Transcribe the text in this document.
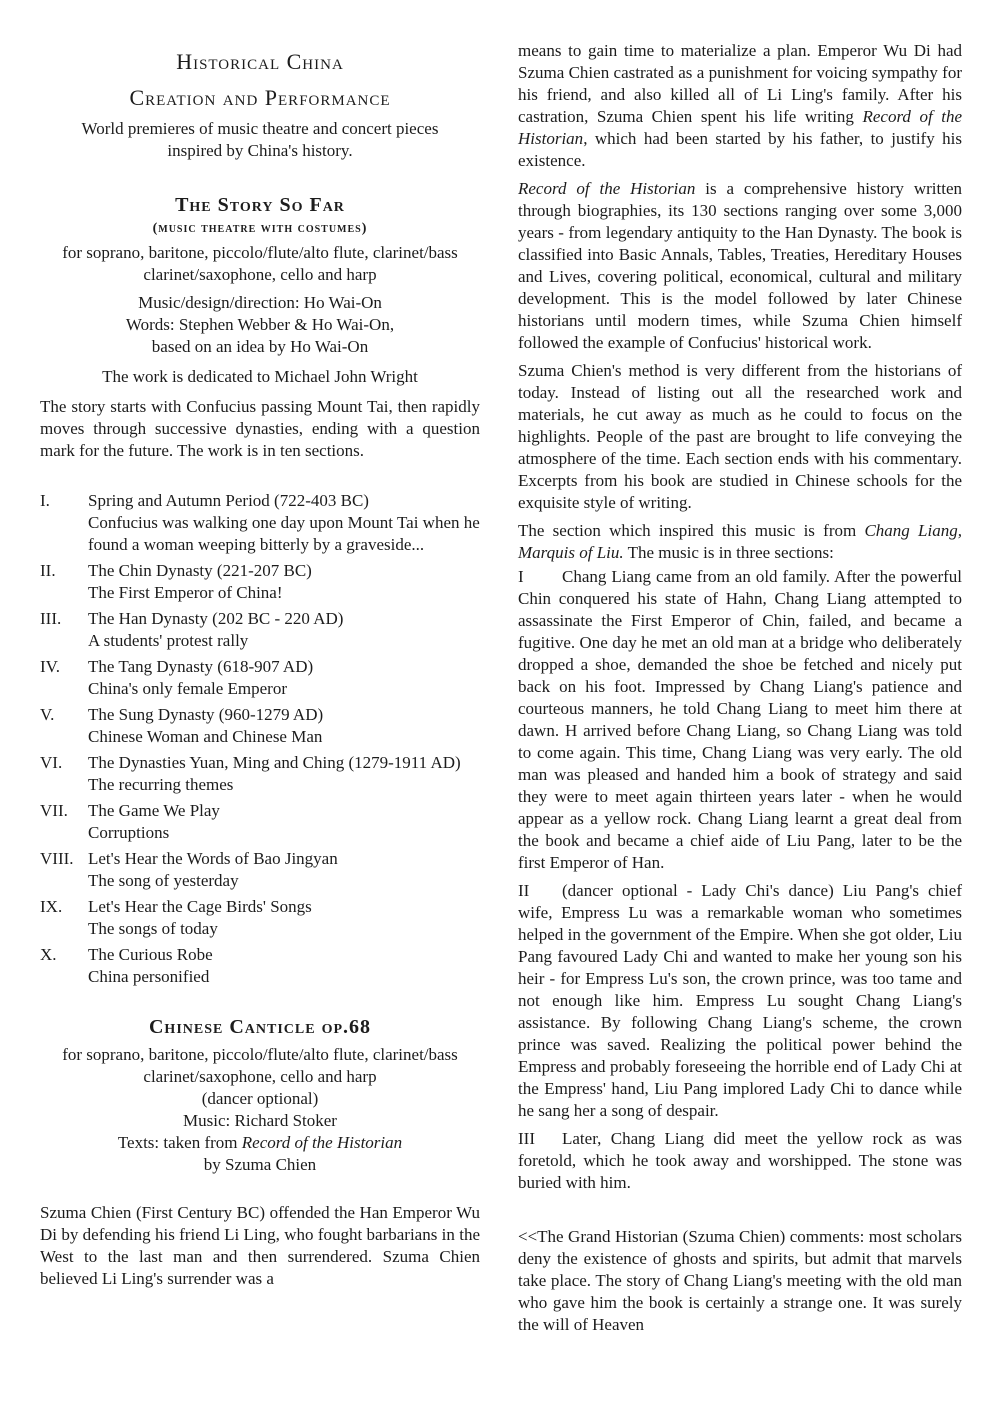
Historical China
Creation and Performance

World premieres of music theatre and concert pieces inspired by China's history.

The Story So Far
(music theatre with costumes)

for soprano, baritone, piccolo/flute/alto flute, clarinet/bass clarinet/saxophone, cello and harp

Music/design/direction: Ho Wai-On

Words: Stephen Webber & Ho Wai-On,

based on an idea by Ho Wai-On

The work is dedicated to Michael John Wright

The story starts with Confucius passing Mount Tai, then rapidly moves through successive dynasties, ending with a question mark for the future. The work is in ten sections.

I.	Spring and Autumn Period (722-403 BC)
Confucius was walking one day upon Mount Tai when he found a woman weeping bitterly by a graveside...
II.	The Chin Dynasty (221-207 BC)
The First Emperor of China!
III.	The Han Dynasty (202 BC - 220 AD)
A students' protest rally
IV.	The Tang Dynasty (618-907 AD)
China's only female Emperor
V.	The Sung Dynasty (960-1279 AD)
Chinese Woman and Chinese Man
VI.	The Dynasties Yuan, Ming and Ching (1279-1911 AD)
The recurring themes
VII.	The Game We Play
Corruptions
VIII. Let's Hear the Words of Bao Jingyan
The song of yesterday
IX.	Let's Hear the Cage Birds' Songs
The songs of today
X.	The Curious Robe
China personified
Chinese Canticle op.68

for soprano, baritone, piccolo/flute/alto flute, clarinet/bass clarinet/saxophone, cello and harp

(dancer optional)

Music: Richard Stoker

Texts: taken from Record of the Historian

by Szuma Chien

Szuma Chien (First Century BC) offended the Han Emperor Wu Di by defending his friend Li Ling, who fought barbarians in the West to the last man and then surrendered. Szuma Chien believed Li Ling's surrender was a

means to gain time to materialize a plan. Emperor Wu Di had Szuma Chien castrated as a punishment for voicing sympathy for his friend, and also killed all of Li Ling's family. After his castration, Szuma Chien spent his life writing Record of the Historian, which had been started by his father, to justify his existence.

Record of the Historian is a comprehensive history written through biographies, its 130 sections ranging over some 3,000 years - from legendary antiquity to the Han Dynasty. The book is classified into Basic Annals, Tables, Treaties, Hereditary Houses and Lives, covering political, economical, cultural and military development. This is the model followed by later Chinese historians until modern times, while Szuma Chien himself followed the example of Confucius' historical work.

Szuma Chien's method is very different from the historians of today. Instead of listing out all the researched work and materials, he cut away as much as he could to focus on the highlights. People of the past are brought to life conveying the atmosphere of the time. Each section ends with his commentary. Excerpts from his book are studied in Chinese schools for the exquisite style of writing.

The section which inspired this music is from Chang Liang, Marquis of Liu. The music is in three sections:

I Chang Liang came from an old family. After the powerful Chin conquered his state of Hahn, Chang Liang attempted to assassinate the First Emperor of Chin, failed, and became a fugitive. One day he met an old man at a bridge who deliberately dropped a shoe, demanded the shoe be fetched and nicely put back on his foot. Impressed by Chang Liang's patience and courteous manners, he told Chang Liang to meet him there at dawn. H arrived before Chang Liang, so Chang Liang was told to come again. This time, Chang Liang was very early. The old man was pleased and handed him a book of strategy and said they were to meet again thirteen years later - when he would appear as a yellow rock. Chang Liang learnt a great deal from the book and became a chief aide of Liu Pang, later to be the first Emperor of Han.

II (dancer optional - Lady Chi's dance) Liu Pang's chief wife, Empress Lu was a remarkable woman who sometimes helped in the government of the Empire. When she got older, Liu Pang favoured Lady Chi and wanted to make her young son his heir - for Empress Lu's son, the crown prince, was too tame and not enough like him. Empress Lu sought Chang Liang's assistance. By following Chang Liang's scheme, the crown prince was saved. Realizing the political power behind the Empress and probably foreseeing the horrible end of Lady Chi at the Empress' hand, Liu Pang implored Lady Chi to dance while he sang her a song of despair.

III Later, Chang Liang did meet the yellow rock as was foretold, which he took away and worshipped. The stone was buried with him.

<<The Grand Historian (Szuma Chien) comments: most scholars deny the existence of ghosts and spirits, but admit that marvels take place. The story of Chang Liang's meeting with the old man who gave him the book is certainly a strange one. It was surely the will of Heaven
